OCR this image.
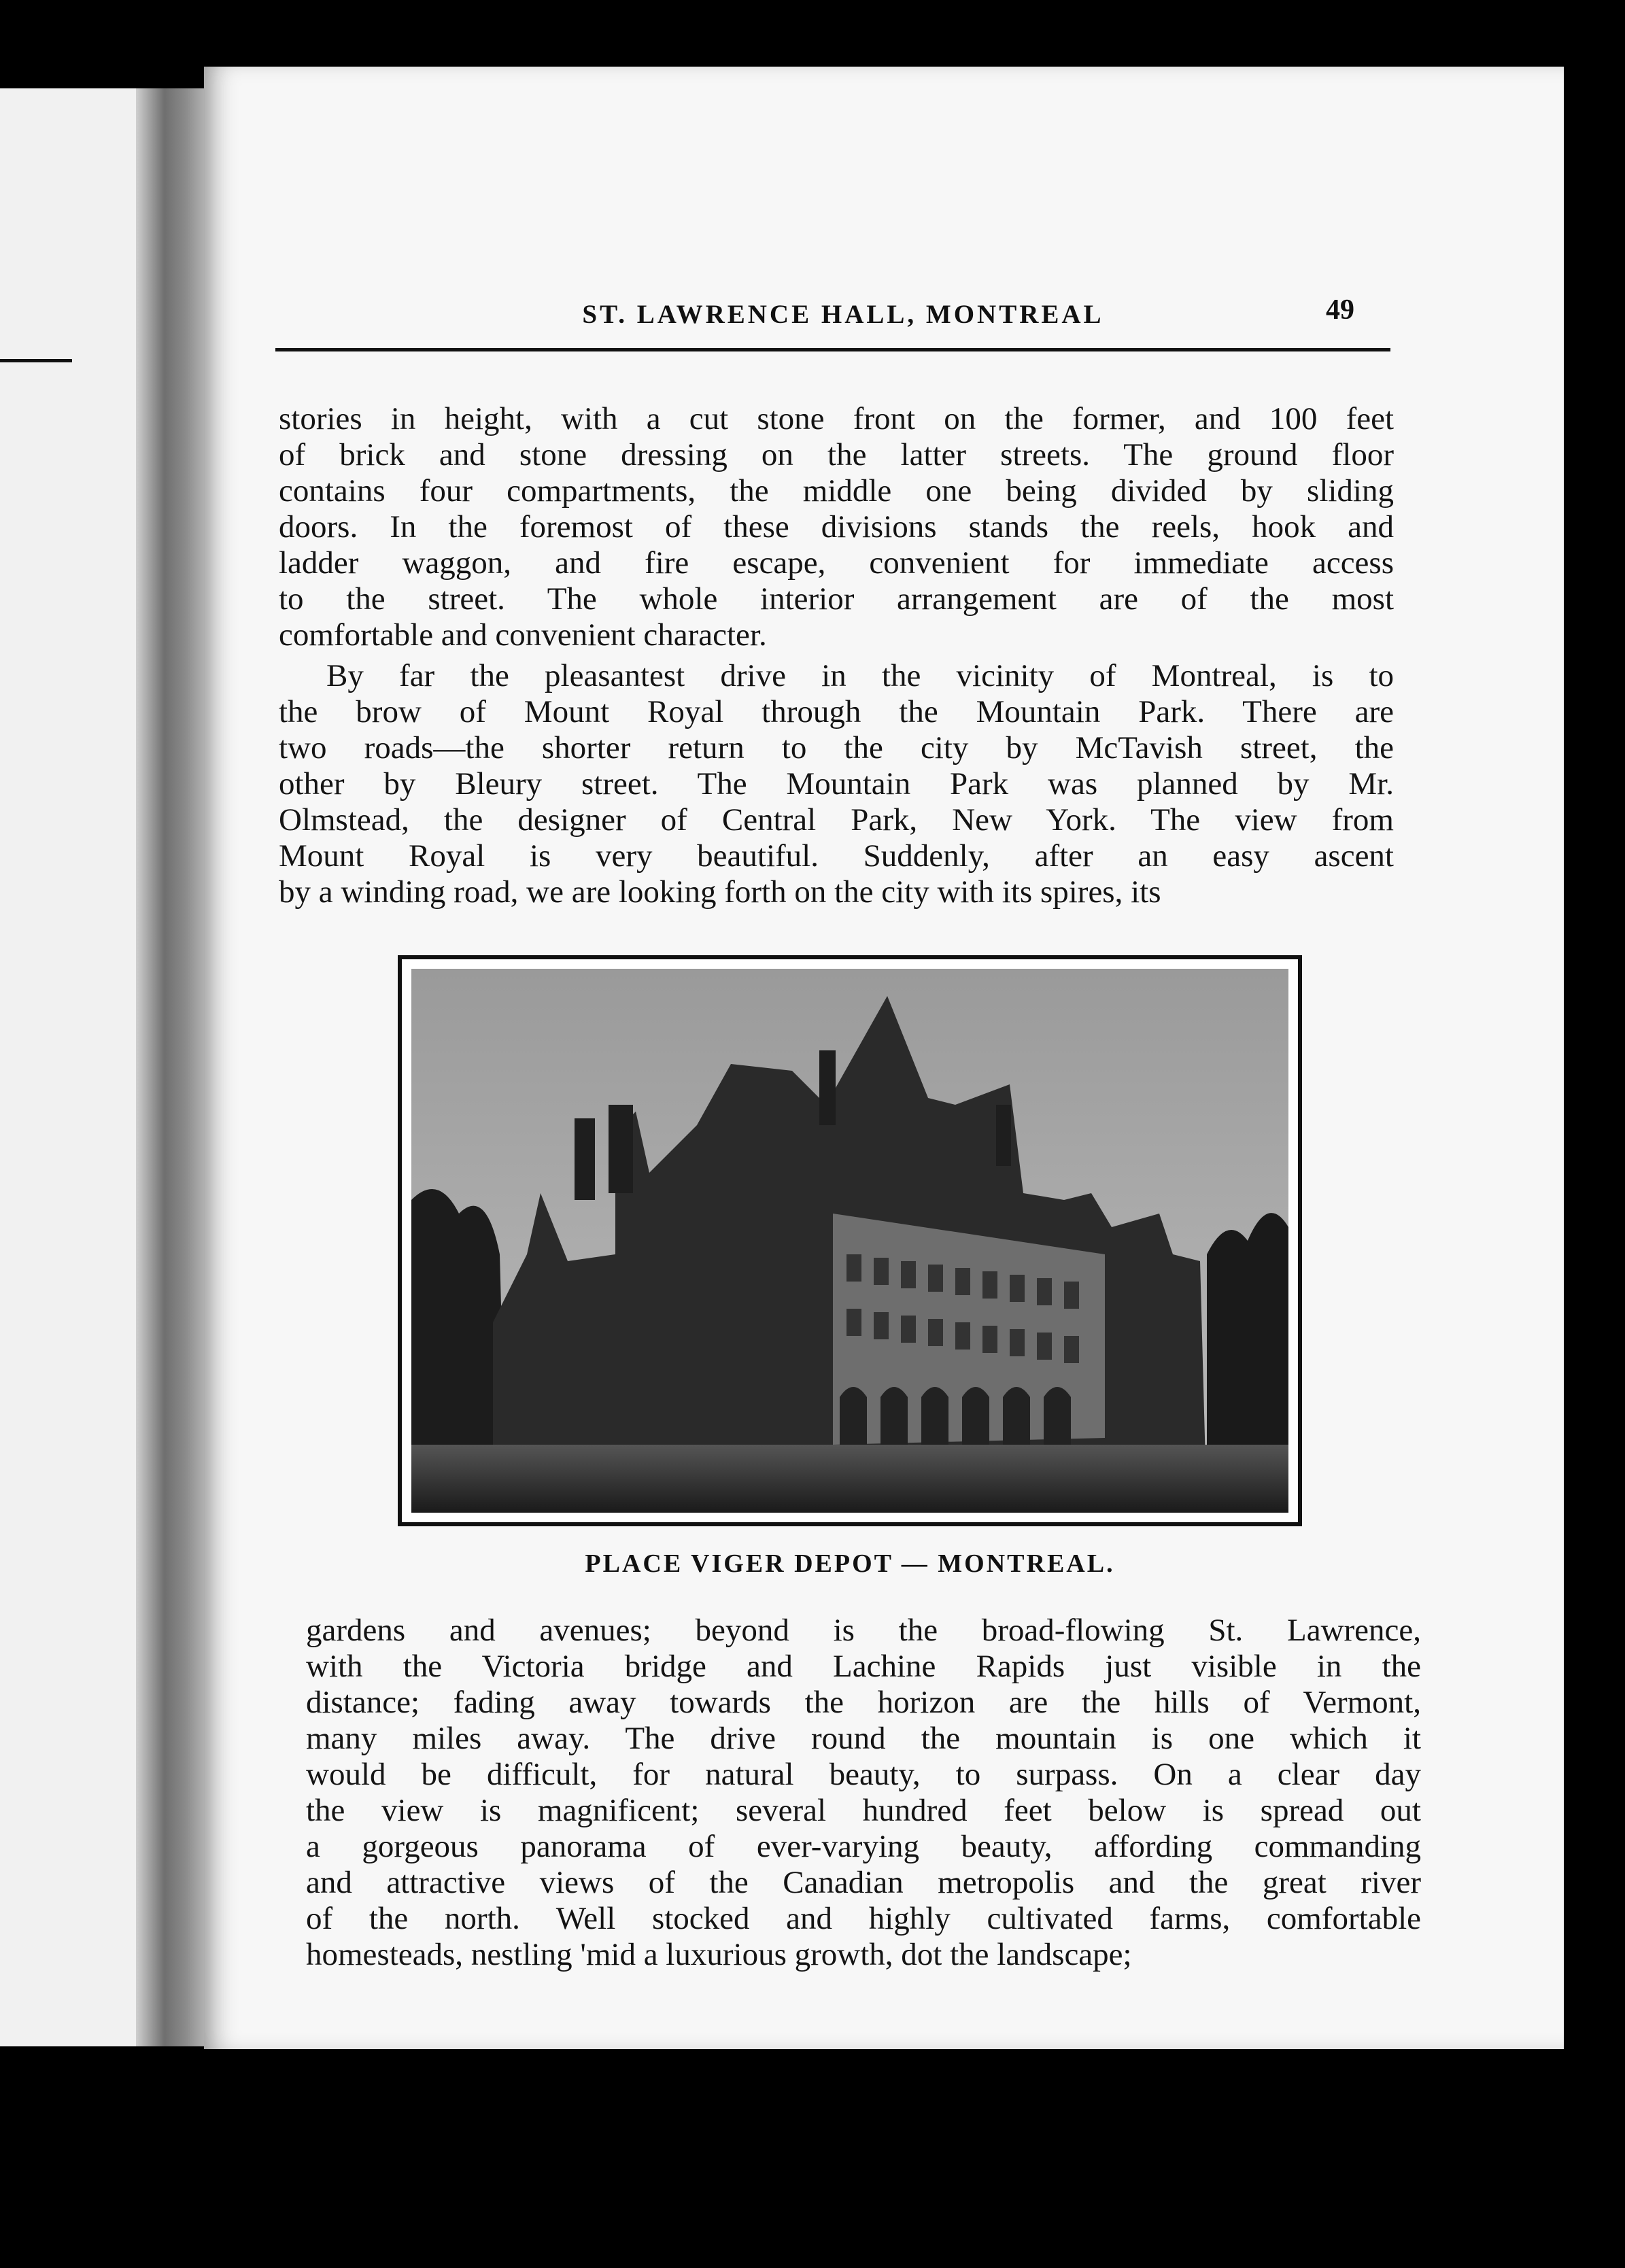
ST. LAWRENCE HALL, MONTREAL	49
stories in height, with a cut stone front on the former, and 100 feet
of brick and stone dressing on the latter streets. The ground floor
contains four compartments, the middle one being divided by sliding
doors. In the foremost of these divisions stands the reels, hook and
ladder waggon, and fire escape, convenient for immediate access
to the street. The whole interior arrangement are of the most
comfortable and convenient character.
By far the pleasantest drive in the vicinity of Montreal, is to
the brow of Mount Royal through the Mountain Park. There are
two roads—the shorter return to the city by McTavish street, the
other by Bleury street. The Mountain Park was planned by Mr.
Olmstead, the designer of Central Park, New York. The view from
Mount Royal is very beautiful. Suddenly, after an easy ascent
by a winding road, we are looking forth on the city with its spires, its
PLACE VIGER DEPOT — MONTREAL.
gardens and avenues; beyond is the broad-flowing St. Lawrence,
with the Victoria bridge and Lachine Rapids just visible in the
distance; fading away towards the horizon are the hills of Vermont,
many miles away. The drive round the mountain is one which it
would be difficult, for natural beauty, to surpass. On a clear day
the view is magnificent; several hundred feet below is spread out
a gorgeous panorama of ever-varying beauty, affording commanding
and attractive views of the Canadian metropolis and the great river
of the north. Well stocked and highly cultivated farms, comfortable
homesteads, nestling 'mid a luxurious growth, dot the landscape;
